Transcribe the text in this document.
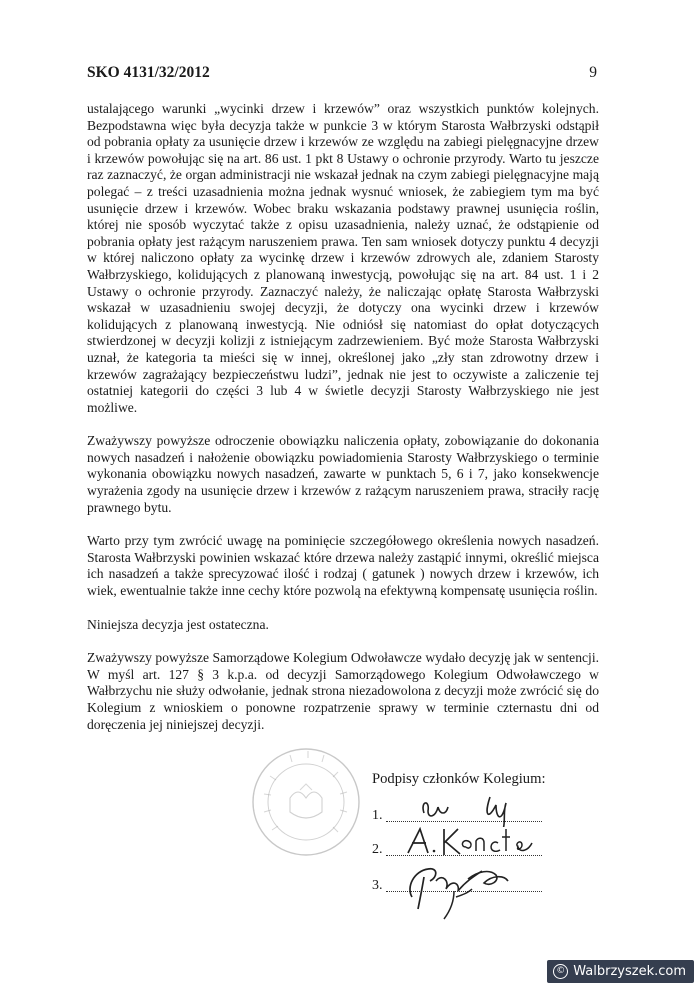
SKO 4131/32/2012	9

ustalającego warunki „wycinki drzew i krzewów” oraz wszystkich punktów kolejnych. Bezpodstawna więc była decyzja także w punkcie 3 w którym Starosta Wałbrzyski odstąpił od pobrania opłaty za usunięcie drzew i krzewów ze względu na zabiegi pielęgnacyjne drzew i krzewów powołując się na art. 86 ust. 1 pkt 8 Ustawy o ochronie przyrody. Warto tu jeszcze raz zaznaczyć, że organ administracji nie wskazał jednak na czym zabiegi pielęgnacyjne mają polegać – z treści uzasadnienia można jednak wysnuć wniosek, że zabiegiem tym ma być usunięcie drzew i krzewów. Wobec braku wskazania podstawy prawnej usunięcia roślin, której nie sposób wyczytać także z opisu uzasadnienia, należy uznać, że odstąpienie od pobrania opłaty jest rażącym naruszeniem prawa. Ten sam wniosek dotyczy punktu 4 decyzji w której naliczono opłaty za wycinkę drzew i krzewów zdrowych ale, zdaniem Starosty Wałbrzyskiego, kolidujących z planowaną inwestycją, powołując się na art. 84 ust. 1 i 2 Ustawy o ochronie przyrody. Zaznaczyć należy, że naliczając opłatę Starosta Wałbrzyski wskazał w uzasadnieniu swojej decyzji, że dotyczy ona wycinki drzew i krzewów kolidujących z planowaną inwestycją. Nie odniósł się natomiast do opłat dotyczących stwierdzonej w decyzji kolizji z istniejącym zadrzewieniem. Być może Starosta Wałbrzyski uznał, że kategoria ta mieści się w innej, określonej jako „zły stan zdrowotny drzew i krzewów zagrażający bezpieczeństwu ludzi”, jednak nie jest to oczywiste a zaliczenie tej ostatniej kategorii do części 3 lub 4 w świetle decyzji Starosty Wałbrzyskiego nie jest możliwe.

Zważywszy powyższe odroczenie obowiązku naliczenia opłaty, zobowiązanie do dokonania nowych nasadzeń i nałożenie obowiązku powiadomienia Starosty Wałbrzyskiego o terminie wykonania obowiązku nowych nasadzeń, zawarte w punktach 5, 6 i 7, jako konsekwencje wyrażenia zgody na usunięcie drzew i krzewów z rażącym naruszeniem prawa, straciły rację prawnego bytu.

Warto przy tym zwrócić uwagę na pominięcie szczegółowego określenia nowych nasadzeń. Starosta Wałbrzyski powinien wskazać które drzewa należy zastąpić innymi, określić miejsca ich nasadzeń a także sprecyzować ilość i rodzaj ( gatunek ) nowych drzew i krzewów, ich wiek, ewentualnie także inne cechy które pozwolą na efektywną kompensatę usunięcia roślin.

Niniejsza decyzja jest ostateczna.

Zważywszy powyższe Samorządowe Kolegium Odwoławcze wydało decyzję jak w sentencji. W myśl art. 127 § 3 k.p.a. od decyzji Samorządowego Kolegium Odwoławczego w Wałbrzychu nie służy odwołanie, jednak strona niezadowolona z decyzji może zwrócić się do Kolegium z wnioskiem o ponowne rozpatrzenie sprawy w terminie czternastu dni od doręczenia jej niniejszej decyzji.

Podpisy członków Kolegium:
1.
2.
3.
© Walbrzyszek.com
